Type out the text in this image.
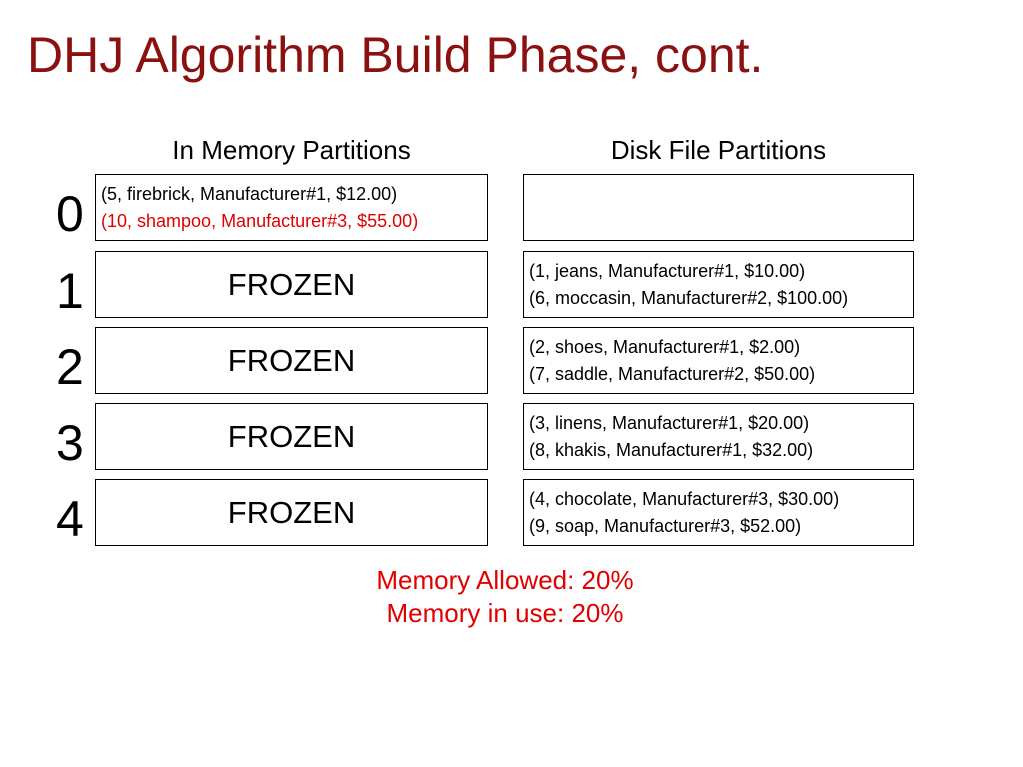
DHJ Algorithm Build Phase, cont.
In Memory Partitions	Disk File Partitions
0 (5, firebrick, Manufacturer#1, $12.00)
(10, shampoo, Manufacturer#3, $55.00)
1	FROZEN	(1, jeans, Manufacturer#1, $10.00)
(6, moccasin, Manufacturer#2, $100.00)
2	FROZEN	(2, shoes, Manufacturer#1, $2.00)
(7, saddle, Manufacturer#2, $50.00)
3	FROZEN	(3, linens, Manufacturer#1, $20.00)
(8, khakis, Manufacturer#1, $32.00)
4	FROZEN	(4, chocolate, Manufacturer#3, $30.00)
(9, soap, Manufacturer#3, $52.00)
Memory Allowed: 20%
Memory in use: 20%
